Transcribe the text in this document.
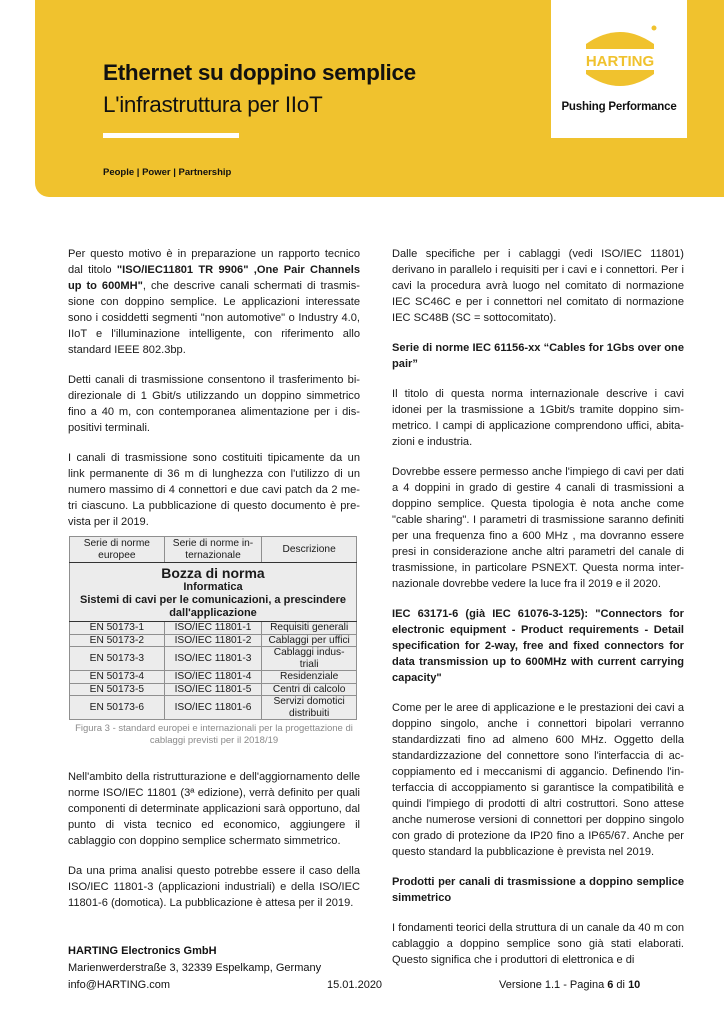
Ethernet su doppino semplice
L'infrastruttura per IIoT
People | Power | Partnership
HARTING
Pushing Performance

Per questo motivo è in preparazione un rapporto tecnico dal titolo "ISO/IEC11801 TR 9906" ,One Pair Channels up to 600MH", che descrive canali schermati di trasmissione con doppino semplice. Le applicazioni interessate sono i cosiddetti segmenti "non automotive" o Industry 4.0, IIoT e l'illuminazione intelligente, con riferimento allo standard IEEE 802.3bp.

Detti canali di trasmissione consentono il trasferimento bidirezionale di 1 Gbit/s utilizzando un doppino simmetrico fino a 40 m, con contemporanea alimentazione per i dispositivi terminali.

I canali di trasmissione sono costituiti tipicamente da un link permanente di 36 m di lunghezza con l'utilizzo di un numero massimo di 4 connettori e due cavi patch da 2 metri ciascuno. La pubblicazione di questo documento è prevista per il 2019.

Bozza di norma
Informatica
Sistemi di cavi per le comunicazioni, a prescindere dall'applicazione		

Serie di norme europee	Serie di norme internazionale	Descrizione
EN 50173-1	ISO/IEC 11801-1	Requisiti generali
EN 50173-2	ISO/IEC 11801-2	Cablaggi per uffici
EN 50173-3	ISO/IEC 11801-3	Cablaggi industriali
EN 50173-4	ISO/IEC 11801-4	Residenziale
EN 50173-5	ISO/IEC 11801-5	Centri di calcolo
EN 50173-6	ISO/IEC 11801-6	Servizi domotici distribuiti
Figura 3 - standard europei e internazionali per la progettazione di cablaggi previsti per il 2018/19

Nell'ambito della ristrutturazione e dell'aggiornamento delle norme ISO/IEC 11801 (3ª edizione), verrà definito per quali componenti di determinate applicazioni sarà opportuno, dal punto di vista tecnico ed economico, aggiungere il cablaggio con doppino semplice schermato simmetrico.

Da una prima analisi questo potrebbe essere il caso della ISO/IEC 11801-3 (applicazioni industriali) e della ISO/IEC 11801-6 (domotica). La pubblicazione è attesa per il 2019.

Dalle specifiche per i cablaggi (vedi ISO/IEC 11801) derivano in parallelo i requisiti per i cavi e i connettori. Per i cavi la procedura avrà luogo nel comitato di normazione IEC SC46C e per i connettori nel comitato di normazione IEC SC48B (SC = sottocomitato).

Serie di norme IEC 61156-xx “Cables for 1Gbs over one pair”

Il titolo di questa norma internazionale descrive i cavi idonei per la trasmissione a 1Gbit/s tramite doppino simmetrico. I campi di applicazione comprendono uffici, abitazioni e industria.

Dovrebbe essere permesso anche l'impiego di cavi per dati a 4 doppini in grado di gestire 4 canali di trasmissioni a doppino semplice. Questa tipologia è nota anche come "cable sharing". I parametri di trasmissione saranno definiti per una frequenza fino a 600 MHz , ma dovranno essere presi in considerazione anche altri parametri del canale di trasmissione, in particolare PSNEXT. Questa norma internazionale dovrebbe vedere la luce fra il 2019 e il 2020.

IEC 63171-6 (già IEC 61076-3-125): "Connectors for electronic equipment - Product requirements - Detail specification for 2-way, free and fixed connectors for data transmission up to 600MHz with current carrying capacity"

Come per le aree di applicazione e le prestazioni dei cavi a doppino singolo, anche i connettori bipolari verranno standardizzati fino ad almeno 600 MHz. Oggetto della standardizzazione del connettore sono l'interfaccia di accoppiamento ed i meccanismi di aggancio. Definendo l'interfaccia di accoppiamento si garantisce la compatibilità e quindi l'impiego di prodotti di altri costruttori. Sono attese anche numerose versioni di connettori per doppino singolo con grado di protezione da IP20 fino a IP65/67. Anche per questo standard la pubblicazione è prevista nel 2019.

Prodotti per canali di trasmissione a doppino semplice simmetrico

I fondamenti teorici della struttura di un canale da 40 m con cablaggio a doppino semplice sono già stati elaborati. Questo significa che i produttori di elettronica e di

HARTING Electronics GmbH
Marienwerderstraße 3, 32339 Espelkamp, Germany
info@HARTING.com	15.01.2020	Versione 1.1 - Pagina 6 di 10
